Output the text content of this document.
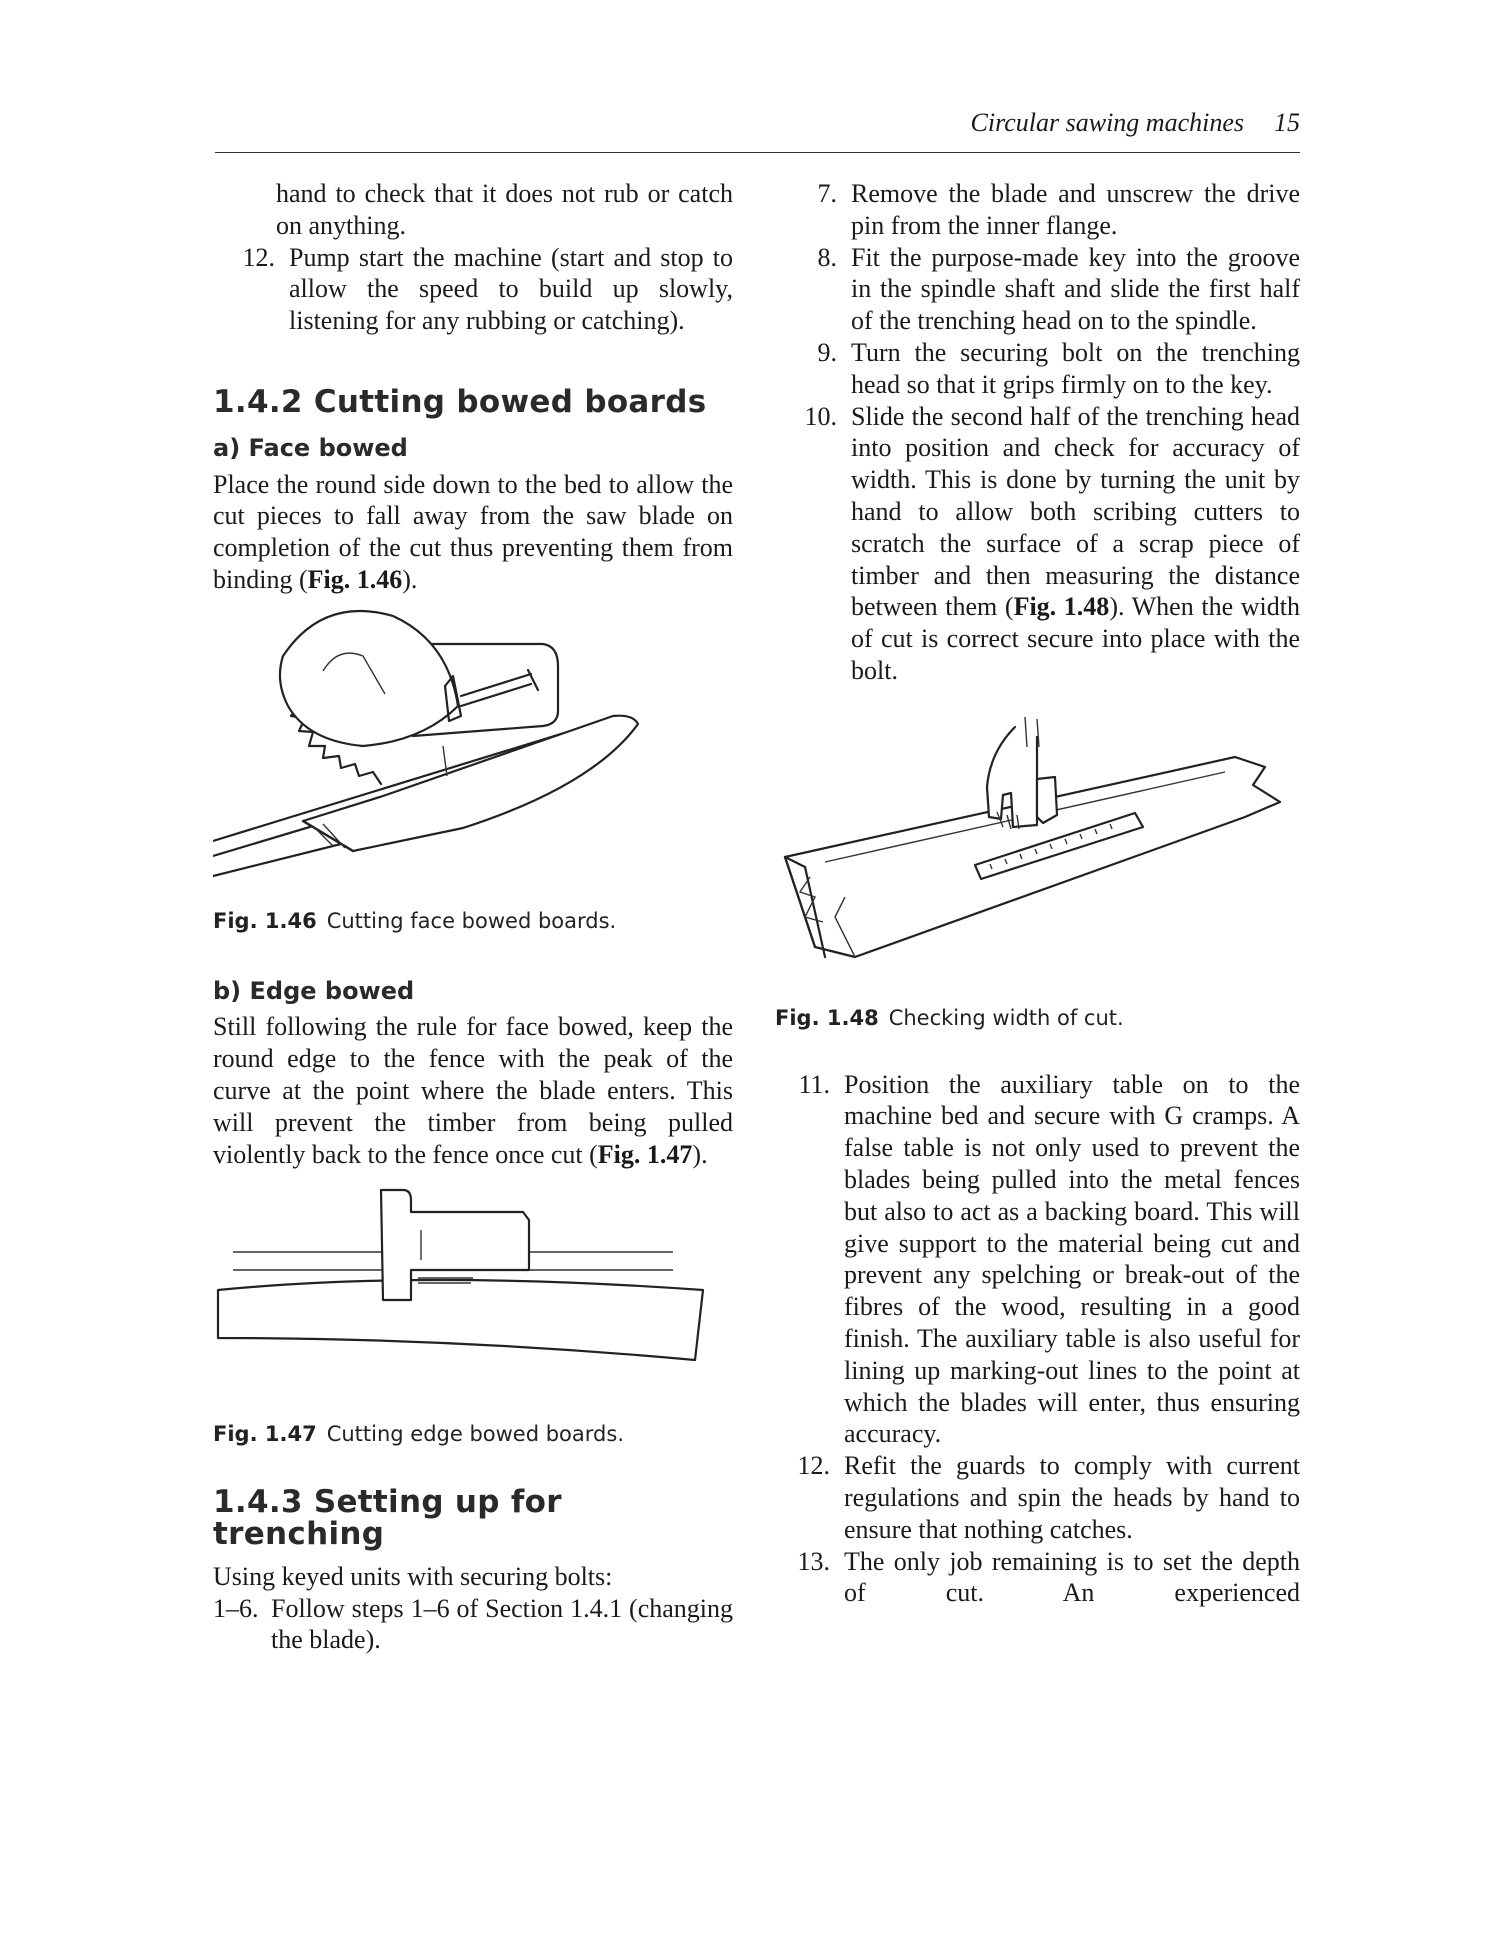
Circular sawing machines 15

hand to check that it does not rub or catch on anything.

12. Pump start the machine (start and stop to allow the speed to build up slowly, listening for any rubbing or catching).
1.4.2 Cutting bowed boards
a) Face bowed

Place the round side down to the bed to allow the cut pieces to fall away from the saw blade on completion of the cut thus preventing them from binding (Fig. 1.46).

Fig. 1.46 Cutting face bowed boards.

b) Edge bowed

Still following the rule for face bowed, keep the round edge to the fence with the peak of the curve at the point where the blade enters. This will prevent the timber from being pulled violently back to the fence once cut (Fig. 1.47).

Fig. 1.47 Cutting edge bowed boards.

1.4.3 Setting up for trenching

Using keyed units with securing bolts:

1–6. Follow steps 1–6 of Section 1.4.1 (changing the blade).
7. Remove the blade and unscrew the drive pin from the inner flange.
8. Fit the purpose-made key into the groove in the spindle shaft and slide the first half of the trenching head on to the spindle.
9. Turn the securing bolt on the trenching head so that it grips firmly on to the key.
10. Slide the second half of the trenching head into position and check for accuracy of width. This is done by turning the unit by hand to allow both scribing cutters to scratch the surface of a scrap piece of timber and then measuring the distance between them (Fig. 1.48). When the width of cut is correct secure into place with the bolt.

Fig. 1.48 Checking width of cut.

11. Position the auxiliary table on to the machine bed and secure with G cramps. A false table is not only used to prevent the blades being pulled into the metal fences but also to act as a backing board. This will give support to the material being cut and prevent any spelching or break-out of the fibres of the wood, resulting in a good finish. The auxiliary table is also useful for lining up marking-out lines to the point at which the blades will enter, thus ensuring accuracy.
12. Refit the guards to comply with current regulations and spin the heads by hand to ensure that nothing catches.
13. The only job remaining is to set the depth of cut. An experienced
